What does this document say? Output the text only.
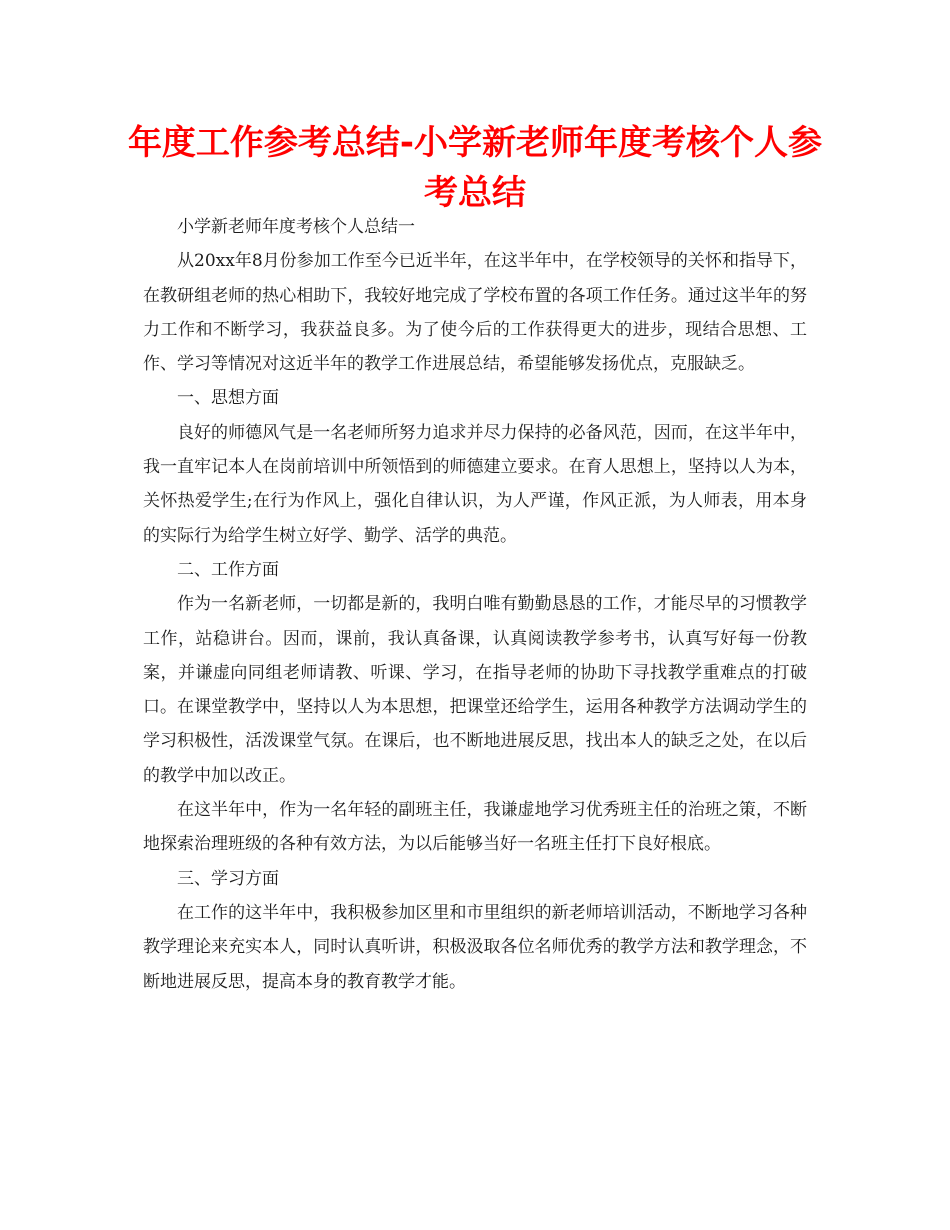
年度工作参考总结-小学新老师年度考核个人参考总结

小学新老师年度考核个人总结一

从20xx年8月份参加工作至今已近半年，在这半年中，在学校领导的关怀和指导下，在教研组老师的热心相助下，我较好地完成了学校布置的各项工作任务。通过这半年的努力工作和不断学习，我获益良多。为了使今后的工作获得更大的进步，现结合思想、工作、学习等情况对这近半年的教学工作进展总结，希望能够发扬优点，克服缺乏。

一、思想方面

良好的师德风气是一名老师所努力追求并尽力保持的必备风范，因而，在这半年中，我一直牢记本人在岗前培训中所领悟到的师德建立要求。在育人思想上，坚持以人为本，关怀热爱学生;在行为作风上，强化自律认识，为人严谨，作风正派，为人师表，用本身的实际行为给学生树立好学、勤学、活学的典范。

二、工作方面

作为一名新老师，一切都是新的，我明白唯有勤勤恳恳的工作，才能尽早的习惯教学工作，站稳讲台。因而，课前，我认真备课，认真阅读教学参考书，认真写好每一份教案，并谦虚向同组老师请教、听课、学习，在指导老师的协助下寻找教学重难点的打破口。在课堂教学中，坚持以人为本思想，把课堂还给学生，运用各种教学方法调动学生的学习积极性，活泼课堂气氛。在课后，也不断地进展反思，找出本人的缺乏之处，在以后的教学中加以改正。

在这半年中，作为一名年轻的副班主任，我谦虚地学习优秀班主任的治班之策，不断地探索治理班级的各种有效方法，为以后能够当好一名班主任打下良好根底。

三、学习方面

在工作的这半年中，我积极参加区里和市里组织的新老师培训活动，不断地学习各种教学理论来充实本人，同时认真听讲，积极汲取各位名师优秀的教学方法和教学理念，不断地进展反思，提高本身的教育教学才能。
